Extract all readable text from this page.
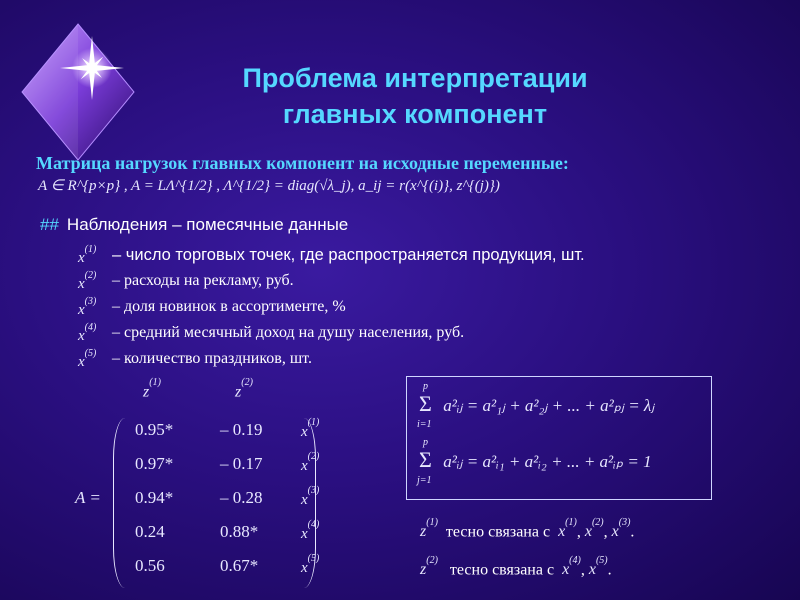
Проблема интерпретации
главных компонент
Матрица нагрузок главных компонент на исходные переменные:
A ∈ R^{p×p} , A = LΛ^{1/2} , Λ^{1/2} = diag(√λ_j), a_ij = r(x^{(i)}, z^{(j)})
## Наблюдения – помесячные данные
$x^{(1)}$ – число торговых точек, где распространяется продукция, шт.
$x^{(2)}$ – расходы на рекламу, руб.
$x^{(3)}$ – доля новинок в ассортименте, %
$x^{(4)}$ – средний месячный доход на душу населения, руб.
$x^{(5)}$ – количество праздников, шт.
$z^{(1)}$
$z^{(2)}$
A =
0.95*	– 0.19	$x^{(1)}$
0.97*	– 0.17	$x^{(2)}$
0.94*	– 0.28	$x^{(3)}$
0.24	0.88*	$x^{(4)}$
0.56	0.67*	$x^{(5)}$
p
Σ
i=1
a²ᵢⱼ = a²₁ⱼ + a²₂ⱼ + ... + a²ₚⱼ = λⱼ
p
Σ
j=1
a²ᵢⱼ = a²ᵢ₁ + a²ᵢ₂ + ... + a²ᵢₚ = 1
$z^{(1)}$  тесно связана с $x^{(1)}$, $x^{(2)}$, $x^{(3)}$.
$z^{(2)}$   тесно связана с $x^{(4)}$, $x^{(5)}$.
